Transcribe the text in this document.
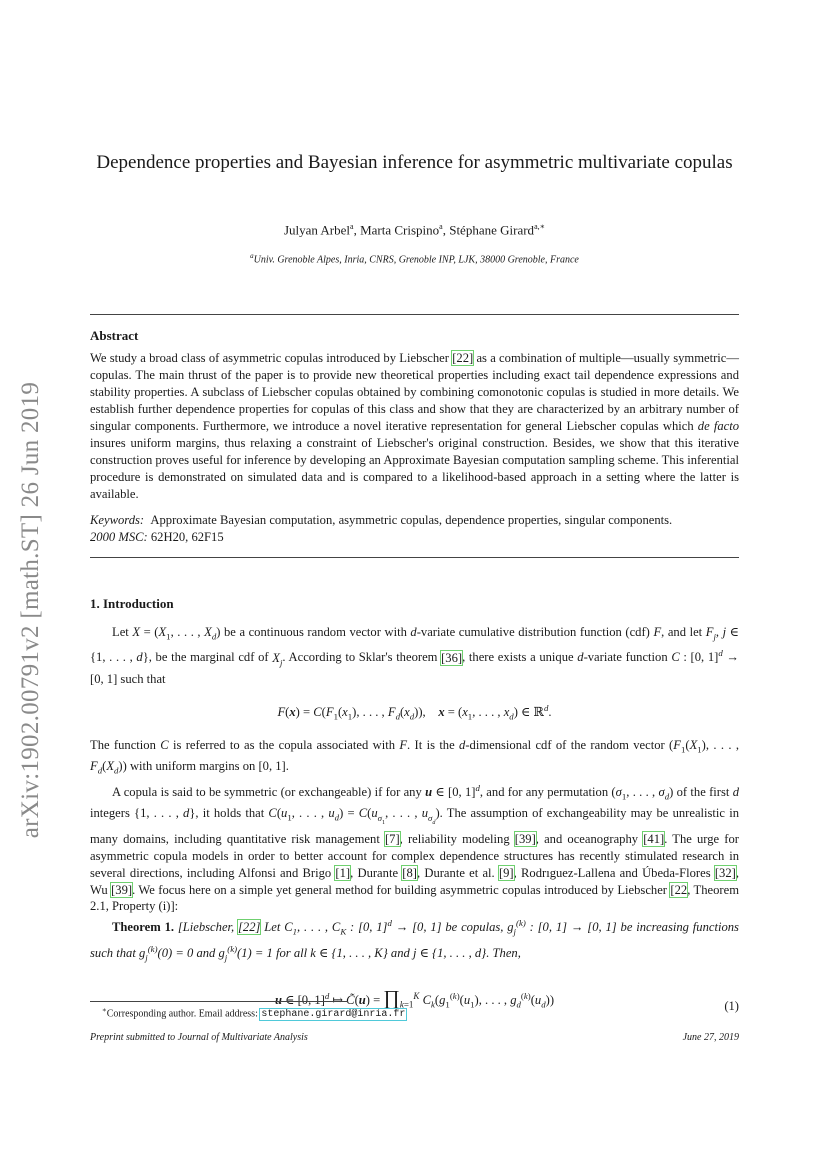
arXiv:1902.00791v2 [math.ST] 26 Jun 2019
Dependence properties and Bayesian inference for asymmetric multivariate copulas
Julyan Arbel$^a$, Marta Crispino$^a$, Stéphane Girard$^{a,∗}$
$^a$Univ. Grenoble Alpes, Inria, CNRS, Grenoble INP, LJK, 38000 Grenoble, France
Abstract

We study a broad class of asymmetric copulas introduced by Liebscher [22] as a combination of multiple—usually symmetric—copulas. The main thrust of the paper is to provide new theoretical properties including exact tail dependence expressions and stability properties. A subclass of Liebscher copulas obtained by combining comonotonic copulas is studied in more details. We establish further dependence properties for copulas of this class and show that they are characterized by an arbitrary number of singular components. Furthermore, we introduce a novel iterative representation for general Liebscher copulas which de facto insures uniform margins, thus relaxing a constraint of Liebscher's original construction. Besides, we show that this iterative construction proves useful for inference by developing an Approximate Bayesian computation sampling scheme. This inferential procedure is demonstrated on simulated data and is compared to a likelihood-based approach in a setting where the latter is available.

Keywords: Approximate Bayesian computation, asymmetric copulas, dependence properties, singular components.
2000 MSC: 62H20, 62F15
1. Introduction

Let $X = (X_1$, . . . , $X_d$) be a continuous random vector with d-variate cumulative distribution function (cdf) F, and let $F_j$, j ∈ {1, . . . , d}, be the marginal cdf of $X_j$. According to Sklar's theorem [36], there exists a unique d-variate function C : [0, 1]$^d$ → [0, 1] such that

$F(x) = C(F_1(x_1)$, . . . , $F_d(x_d)$),    $x = (x_1$, . . . , $x_d$) ∈ ℝ$^d$.

The function C is referred to as the copula associated with F. It is the d-dimensional cdf of the random vector ($F_1(X_1)$, . . . , $F_d(X_d)$) with uniform margins on [0, 1].

A copula is said to be symmetric (or exchangeable) if for any u ∈ [0, 1]$^d$, and for any permutation ($\sigma_1$, . . . , $\sigma_d$) of the first d integers {1, . . . , d}, it holds that $C(u_1$, . . . , $u_d) = C(u_{\sigma_1}$, . . . , $u_{\sigma_d}$). The assumption of exchangeability may be unrealistic in many domains, including quantitative risk management [7], reliability modeling [39], and oceanography [41]. The urge for asymmetric copula models in order to better account for complex dependence structures has recently stimulated research in several directions, including Alfonsi and Brigo [1], Durante [8], Durante et al. [9], Rodrıguez-Lallena and Úbeda-Flores [32], Wu [39]. We focus here on a simple yet general method for building asymmetric copulas introduced by Liebscher [22, Theorem 2.1, Property (i)]:

Theorem 1. [Liebscher, [22] Let $C_1$, . . . , $C_K$ : [0, 1]$^d$ → [0, 1] be copulas, $g_j^{(k)}$ : [0, 1] → [0, 1] be increasing functions such that $g_j^{(k)}(0) = 0$ and $g_j^{(k)}(1) = 1$ for all k ∈ {1, . . . , K} and j ∈ {1, . . . , d}. Then,

u ∈ [0, 1]$^d$ ↦ C̃(u) = $\prod_{k=1}^K$ $C_k(g_1^{(k)}(u_1)$, . . . , $g_d^{(k)}(u_d)$)	(1)
∗Corresponding author. Email address: stephane.girard@inria.fr
Preprint submitted to Journal of Multivariate Analysis	June 27, 2019
